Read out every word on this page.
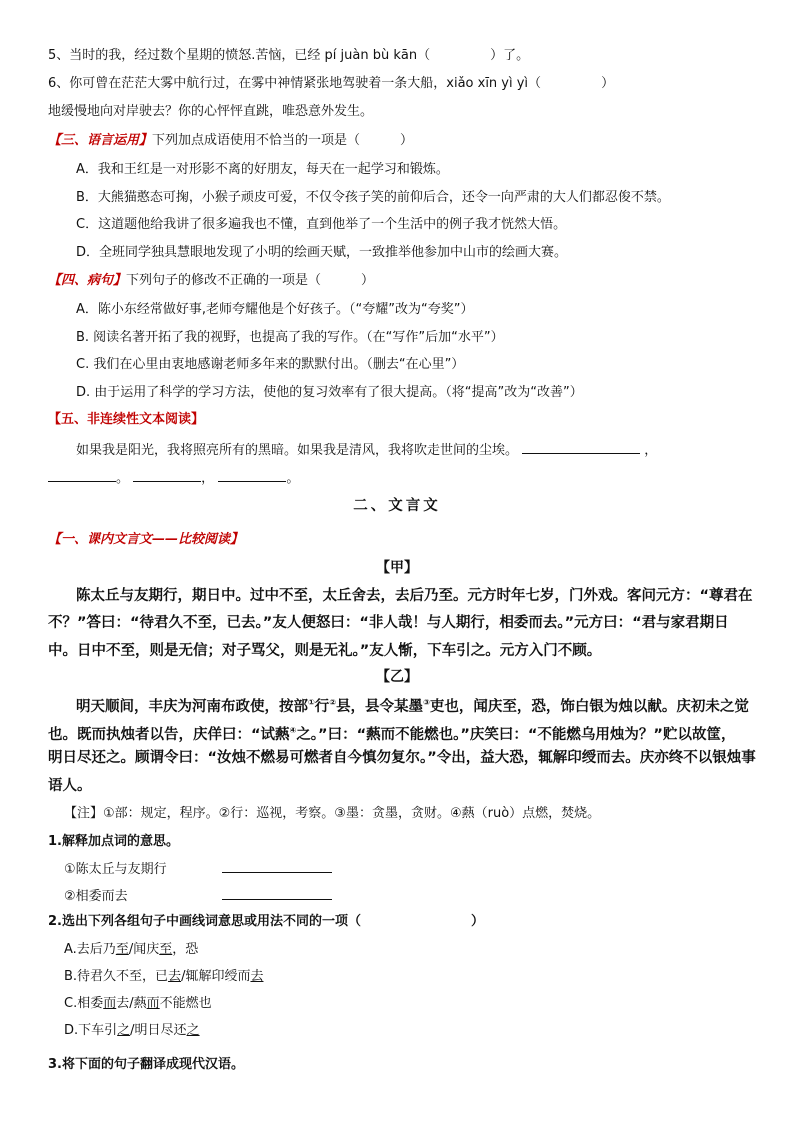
5、当时的我，经过数个星期的愤怒.苦恼，已经 pí juàn bù kān（	）了。
6、你可曾在茫茫大雾中航行过，在雾中神情紧张地驾驶着一条大船，xiǎo xīn yì yì（	）
地缓慢地向对岸驶去？你的心怦怦直跳，唯恐意外发生。
【三、语言运用】下列加点成语使用不恰当的一项是（	）
A．我和王红是一对形影不离的好朋友，每天在一起学习和锻炼。
B．大熊猫憨态可掬，小猴子顽皮可爱，不仅令孩子笑的前仰后合，还令一向严肃的大人们都忍俊不禁。
C．这道题他给我讲了很多遍我也不懂，直到他举了一个生活中的例子我才恍然大悟。
D．全班同学独具慧眼地发现了小明的绘画天赋，一致推举他参加中山市的绘画大赛。
【四、病句】下列句子的修改不正确的一项是（	）
A．陈小东经常做好事,老师夸耀他是个好孩子。（“夸耀”改为“夸奖”）
B. 阅读名著开拓了我的视野，也提高了我的写作。（在“写作”后加“水平”）
C. 我们在心里由衷地感谢老师多年来的默默付出。（删去“在心里”）
D. 由于运用了科学的学习方法，使他的复习效率有了很大提高。（将“提高”改为“改善”）
【五、非连续性文本阅读】
如果我是阳光，我将照亮所有的黑暗。如果我是清风，我将吹走世间的尘埃。	，
。	，	。
二、文言文
【一、课内文言文——比较阅读】
【甲】
陈太丘与友期行，期日中。过中不至，太丘舍去，去后乃至。元方时年七岁，门外戏。客问元方：“尊君在
不？”答曰：“待君久不至，已去。”友人便怒曰：“非人哉！与人期行，相委而去。”元方曰：“君与家君期日
中。日中不至，则是无信；对子骂父，则是无礼。”友人惭，下车引之。元方入门不顾。
【乙】
明天顺间，丰庆为河南布政使，按部①行②县，县令某墨③吏也，闻庆至，恐，饰白银为烛以献。庆初未之觉
也。既而执烛者以告，庆佯曰：“试爇④之。”曰：“爇而不能燃也。”庆笑曰：“不能燃乌用烛为？”贮以故筐，
明日尽还之。顾谓令曰：“汝烛不燃易可燃者自今慎勿复尔。”令出，益大恐，辄解印绶而去。庆亦终不以银烛事
语人。
【注】①部：规定，程序。②行：巡视，考察。③墨：贪墨，贪财。④爇（ruò）点燃，焚烧。
1.解释加点词的意思。
①陈太丘与友期行
②相委而去
2.选出下列各组句子中画线词意思或用法不同的一项（	）
A.去后乃至/闻庆至，恐
B.待君久不至，已去/辄解印绶而去
C.相委而去/爇而不能燃也
D.下车引之/明日尽还之
3.将下面的句子翻译成现代汉语。
